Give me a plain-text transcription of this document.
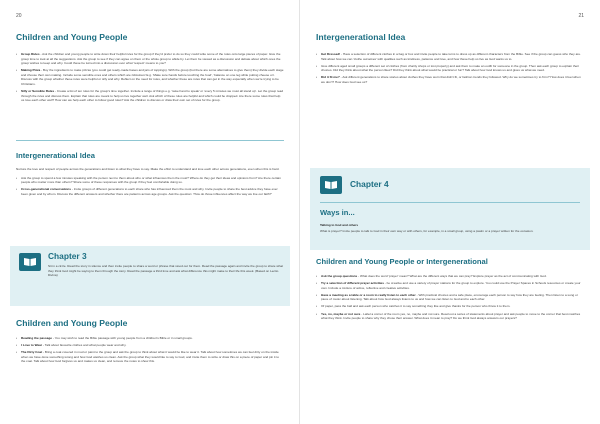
20
Children and Young People
• Group Rules - Ask the children and young people to write down their helpful rules for the group if they'd prefer to do so they could write some of the rules onto large pieces of paper. Give the group time to look at all the suggestions. Ask the group to see if they can agree on them or the whole group to abide by. Let them be viewed as a discussion and debate about which ones the group wishes to keep and why. Could these be turned into a discussion over what 'respect' means to you?
• Making Pizza - Buy the ingredients to make pizzas (you could get ready-made bases and jars of toppings). With the group (but there are some alternatives to give them) they divide each stage and choose their own making. Include some sensible ones and others which are ridiculous! E.g. 'Make sure hands before touching the food', 'balance on one leg while putting cheese on'. Discuss with the group whether these rules were helpful or silly and why. Reflect on the need for rules, and whether these are rules that can get in the way especially when we're trying to be Christians.
• Silly or Sensible Rules - Create a list of ten rules for the group's time together. Include a range of things e.g. 'raise hand to speak' or 'every 5 minutes we must all stand up'. Let the group read through the rules and discuss them. Explain that rules are meant to help us live together well. Ask which of these rules are helpful and which could be dropped. Are there some rules that help us love each other well? How can we help each other to follow good rules? Ask the children to discuss or draw their own set of rules for the group.
Intergenerational Idea
Nurture the love and respect of people across the generations and listen to what they have to say. Make the effort to understand and love each other across generations, even when this is hard.
• Ask the group to spend a few minutes speaking with the person next to them about who or what influences them the most? Where do they get their ideas and opinions from? Are there certain people who matter more than others? Share some of these responses with the group if they feel comfortable doing so.
• Cross-generational conversations - Invite groups of different generations to each share who has influenced them the most and why. Invite people to share the best advice they have ever been given and by whom. Discuss the different answers and whether there are patterns across age groups. Ask the question: 'How do those influences affect the way we live our faith?'
Chapter 3
Sit in a circle. Read the story in silence and then invite people to share a word or phrase that stood out for them. Read the passage again and invite the group to share what they think God might be saying to them through the story. Read the passage a third time and ask what difference this might make to their life this week. (Based on Lectio Divina)
Children and Young People
• Reading the passage - You may wish to read the Bible passage with young people from a children's Bible or in small groups.
• I Love to Wear - Talk about favourite clothes and what people wear and why.
• The Dirty Coat - Bring a coat covered in mud or paint to the group and ask the group to think about what it would be like to wear it. Talk about how sometimes we can feel dirty on the inside when we have done something wrong and how God washes us clean. Ask the group what they would like to say to God, and invite them to write or draw this on a piece of paper and pin it to the coat. Talk about how God forgives us and makes us clean, and remove the notes to show this.
21
Intergenerational Idea
• Get Dressed! - Have a selection of different clothes in a bag or box and invite people to take turns to dress up as different characters from the Bible. See if the group can guess who they are. Talk about how we can 'clothe ourselves' with qualities such as kindness, patience and love, and how these help us live as God wants us to.
• Give different aged small groups a different set of clothes (from charity shops or lost property) and ask them to make an outfit for someone in the group. Then ask each group to explain their choices. Did they think about what the person likes? Did they think about what would be practical or fun? Talk about how God knows us and gives us what we need.
• Did it fit me? - Ask different generations to share stories about clothes they have worn that didn't fit, or fashion trends they followed. Why do we sometimes try to fit in? How does it feel when we don't? How does God see us?
Chapter 4
Ways in...
Talking to God and others
What is prayer? Invite people to talk to God in their own way or with others, for example, in a small group, using a psalm or a prayer written for the occasion.
Children and Young People or Intergenerational
• Ask the group questions - What does the word 'prayer' mean? What are the different ways that we can pray? Explore prayer as the act of communicating with God.
• Try a selection of different prayer activities - be creative and use a variety of prayer stations for the group to explore. You could use the Prayer Spaces in Schools resources or create your own. Include a mixture of active, reflective and creative activities.
• Have a meeting as a table or a room to really listen to each other - With practical choices and a safe place, encourage each person to say how they are feeling. Then listen to a song or piece of music about listening. Talk about how God always listens to us and how we can listen to God and to each other.
• Of paper, pass the ball and ask each person who catches it to say something they like and give thanks for the person who threw it to them.
• Yes, no, maybe or not sure - Label a corner of the room yes, no, maybe and not sure. Read out a series of statements about prayer and ask people to move to the corner that best matches what they think. Invite people to share why they chose their answer. What does it mean to pray? Do we think God always answers our prayers?
